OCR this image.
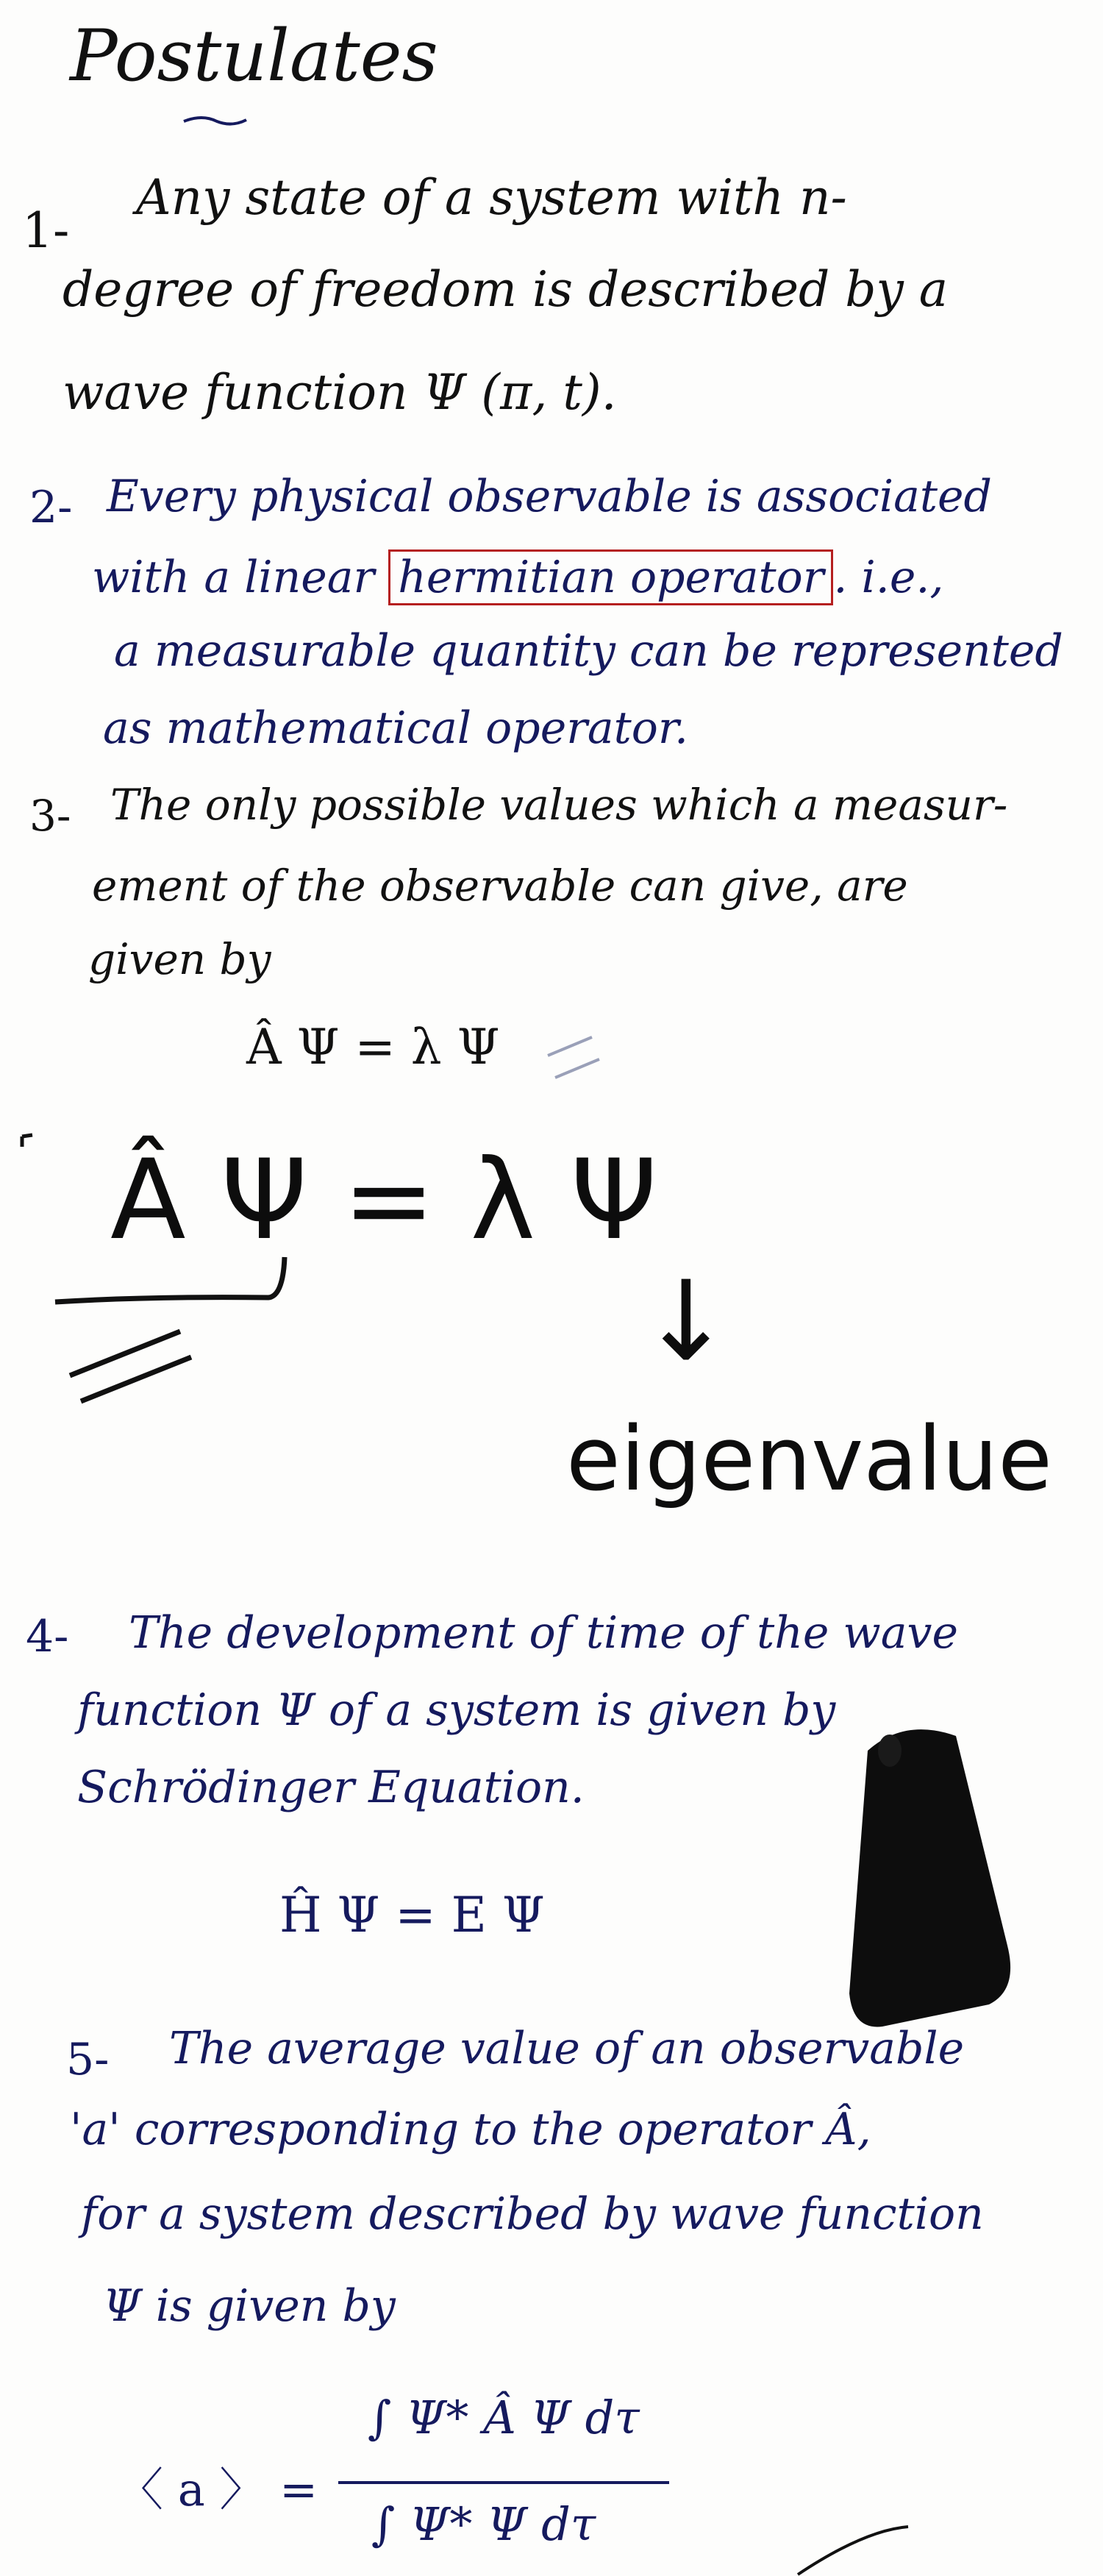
Postulates
1-
Any state of a system with n-
degree of freedom is described by a
wave function Ψ (π, t).
2- Every physical observable is associated
with a linear hermitian operator . i.e.,
a measurable quantity can be represented
as mathematical operator.
3- The only possible values which a measur-
ement of the observable can give, are
given by
Â Ψ = λ Ψ
Â Ψ = λ Ψ
↓
eigenvalue
4- The development of time of the wave
function Ψ of a system is given by
Schrödinger Equation.
Ĥ Ψ = E Ψ
5- The average value of an observable
'a' corresponding to the operator Â,
for a system described by wave function
Ψ is given by
〈 a 〉 =
∫ Ψ* Â Ψ dτ
∫ Ψ* Ψ dτ
